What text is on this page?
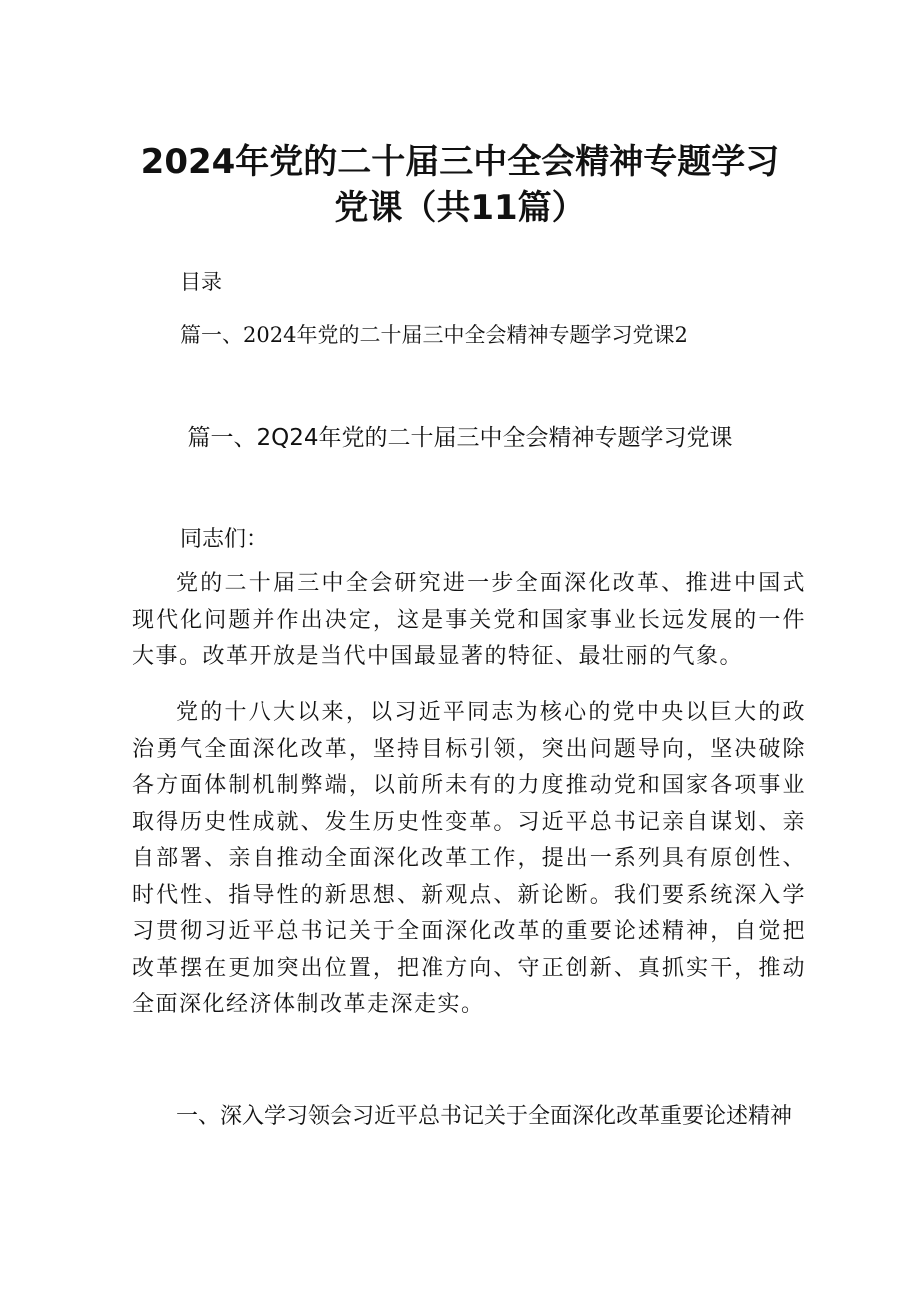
2024年党的二十届三中全会精神专题学习
党课（共11篇）
目录
篇一、2024年党的二十届三中全会精神专题学习党课2
篇一、2Q24年党的二十届三中全会精神专题学习党课
同志们：

党的二十届三中全会研究进一步全面深化改革、推进中国式现代化问题并作出决定，这是事关党和国家事业长远发展的一件大事。改革开放是当代中国最显著的特征、最壮丽的气象。

党的十八大以来，以习近平同志为核心的党中央以巨大的政治勇气全面深化改革，坚持目标引领，突出问题导向，坚决破除各方面体制机制弊端，以前所未有的力度推动党和国家各项事业取得历史性成就、发生历史性变革。习近平总书记亲自谋划、亲自部署、亲自推动全面深化改革工作，提出一系列具有原创性、时代性、指导性的新思想、新观点、新论断。我们要系统深入学习贯彻习近平总书记关于全面深化改革的重要论述精神，自觉把改革摆在更加突出位置，把准方向、守正创新、真抓实干，推动全面深化经济体制改革走深走实。

一、深入学习领会习近平总书记关于全面深化改革重要论述精神
